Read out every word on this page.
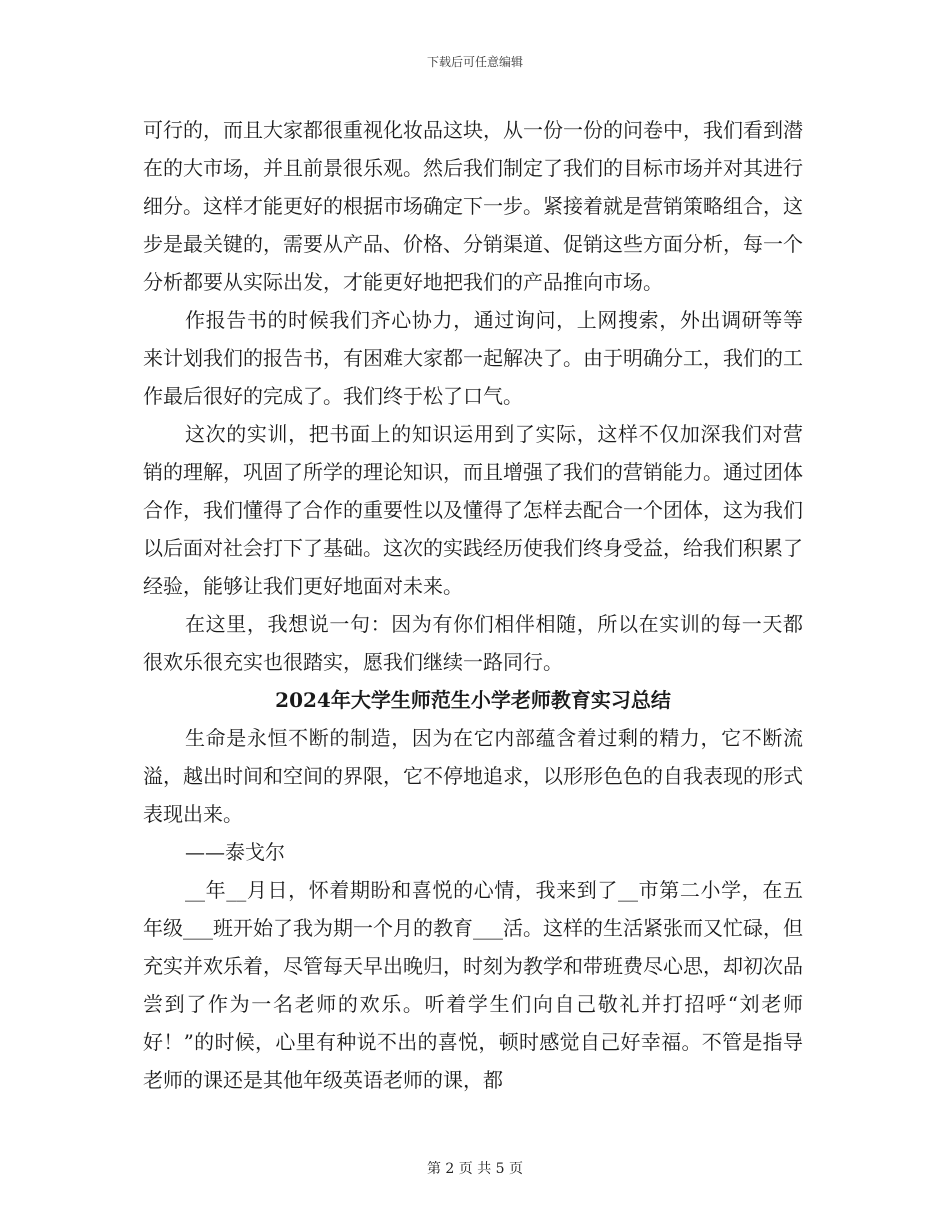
下载后可任意编辑

可行的，而且大家都很重视化妆品这块，从一份一份的问卷中，我们看到潜在的大市场，并且前景很乐观。然后我们制定了我们的目标市场并对其进行细分。这样才能更好的根据市场确定下一步。紧接着就是营销策略组合，这步是最关键的，需要从产品、价格、分销渠道、促销这些方面分析，每一个分析都要从实际出发，才能更好地把我们的产品推向市场。

作报告书的时候我们齐心协力，通过询问，上网搜索，外出调研等等来计划我们的报告书，有困难大家都一起解决了。由于明确分工，我们的工作最后很好的完成了。我们终于松了口气。

这次的实训，把书面上的知识运用到了实际，这样不仅加深我们对营销的理解，巩固了所学的理论知识，而且增强了我们的营销能力。通过团体合作，我们懂得了合作的重要性以及懂得了怎样去配合一个团体，这为我们以后面对社会打下了基础。这次的实践经历使我们终身受益，给我们积累了经验，能够让我们更好地面对未来。

在这里，我想说一句：因为有你们相伴相随，所以在实训的每一天都很欢乐很充实也很踏实，愿我们继续一路同行。

2024年大学生师范生小学老师教育实习总结

生命是永恒不断的制造，因为在它内部蕴含着过剩的精力，它不断流溢，越出时间和空间的界限，它不停地追求，以形形色色的自我表现的形式表现出来。

——泰戈尔

__年__月日，怀着期盼和喜悦的心情，我来到了__市第二小学，在五年级___班开始了我为期一个月的教育___活。这样的生活紧张而又忙碌，但充实并欢乐着，尽管每天早出晚归，时刻为教学和带班费尽心思，却初次品尝到了作为一名老师的欢乐。听着学生们向自己敬礼并打招呼“刘老师好！”的时候，心里有种说不出的喜悦，顿时感觉自己好幸福。不管是指导老师的课还是其他年级英语老师的课，都

第 2 页 共 5 页
